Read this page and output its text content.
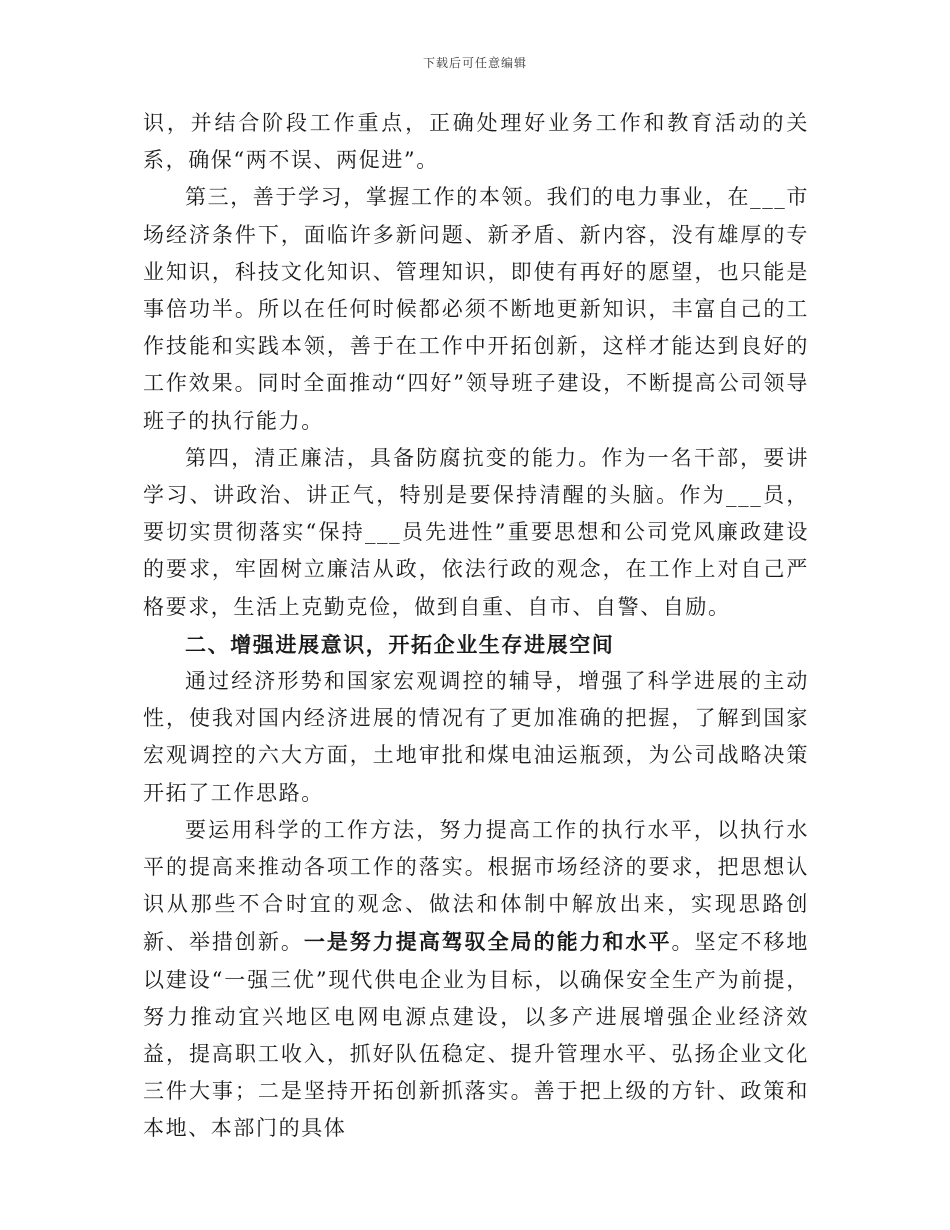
下载后可任意编辑

识，并结合阶段工作重点，正确处理好业务工作和教育活动的关系，确保“两不误、两促进”。

第三，善于学习，掌握工作的本领。我们的电力事业，在___市场经济条件下，面临许多新问题、新矛盾、新内容，没有雄厚的专业知识，科技文化知识、管理知识，即使有再好的愿望，也只能是事倍功半。所以在任何时候都必须不断地更新知识，丰富自己的工作技能和实践本领，善于在工作中开拓创新，这样才能达到良好的工作效果。同时全面推动“四好”领导班子建设，不断提高公司领导班子的执行能力。

第四，清正廉洁，具备防腐抗变的能力。作为一名干部，要讲学习、讲政治、讲正气，特别是要保持清醒的头脑。作为___员，要切实贯彻落实“保持___员先进性”重要思想和公司党风廉政建设的要求，牢固树立廉洁从政，依法行政的观念，在工作上对自己严格要求，生活上克勤克俭，做到自重、自市、自警、自励。

二、增强进展意识，开拓企业生存进展空间

通过经济形势和国家宏观调控的辅导，增强了科学进展的主动性，使我对国内经济进展的情况有了更加准确的把握，了解到国家宏观调控的六大方面，土地审批和煤电油运瓶颈，为公司战略决策开拓了工作思路。

要运用科学的工作方法，努力提高工作的执行水平，以执行水平的提高来推动各项工作的落实。根据市场经济的要求，把思想认识从那些不合时宜的观念、做法和体制中解放出来，实现思路创新、举措创新。一是努力提高驾驭全局的能力和水平。坚定不移地以建设“一强三优”现代供电企业为目标，以确保安全生产为前提，努力推动宜兴地区电网电源点建设，以多产进展增强企业经济效益，提高职工收入，抓好队伍稳定、提升管理水平、弘扬企业文化三件大事；二是坚持开拓创新抓落实。善于把上级的方针、政策和本地、本部门的具体
